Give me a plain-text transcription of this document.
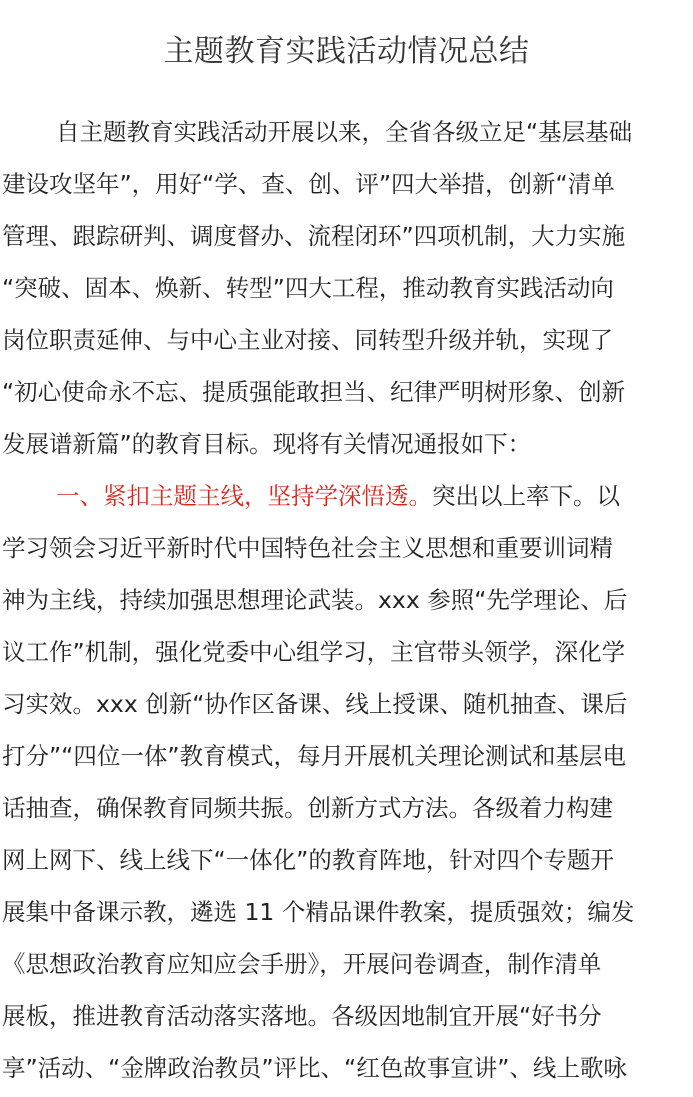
主题教育实践活动情况总结
自主题教育实践活动开展以来，全省各级立足“基层基础
建设攻坚年”，用好“学、查、创、评”四大举措，创新“清单
管理、跟踪研判、调度督办、流程闭环”四项机制，大力实施
“突破、固本、焕新、转型”四大工程，推动教育实践活动向
岗位职责延伸、与中心主业对接、同转型升级并轨，实现了
“初心使命永不忘、提质强能敢担当、纪律严明树形象、创新
发展谱新篇”的教育目标。现将有关情况通报如下：
一、紧扣主题主线，坚持学深悟透。突出以上率下。以
学习领会习近平新时代中国特色社会主义思想和重要训词精
神为主线，持续加强思想理论武装。xxx 参照“先学理论、后
议工作”机制，强化党委中心组学习，主官带头领学，深化学
习实效。xxx 创新“协作区备课、线上授课、随机抽查、课后
打分”“四位一体”教育模式，每月开展机关理论测试和基层电
话抽查，确保教育同频共振。创新方式方法。各级着力构建
网上网下、线上线下“一体化”的教育阵地，针对四个专题开
展集中备课示教，遴选 11 个精品课件教案，提质强效；编发
《思想政治教育应知应会手册》，开展问卷调查，制作清单
展板，推进教育活动落实落地。各级因地制宜开展“好书分
享”活动、“金牌政治教员”评比、“红色故事宣讲”、线上歌咏
